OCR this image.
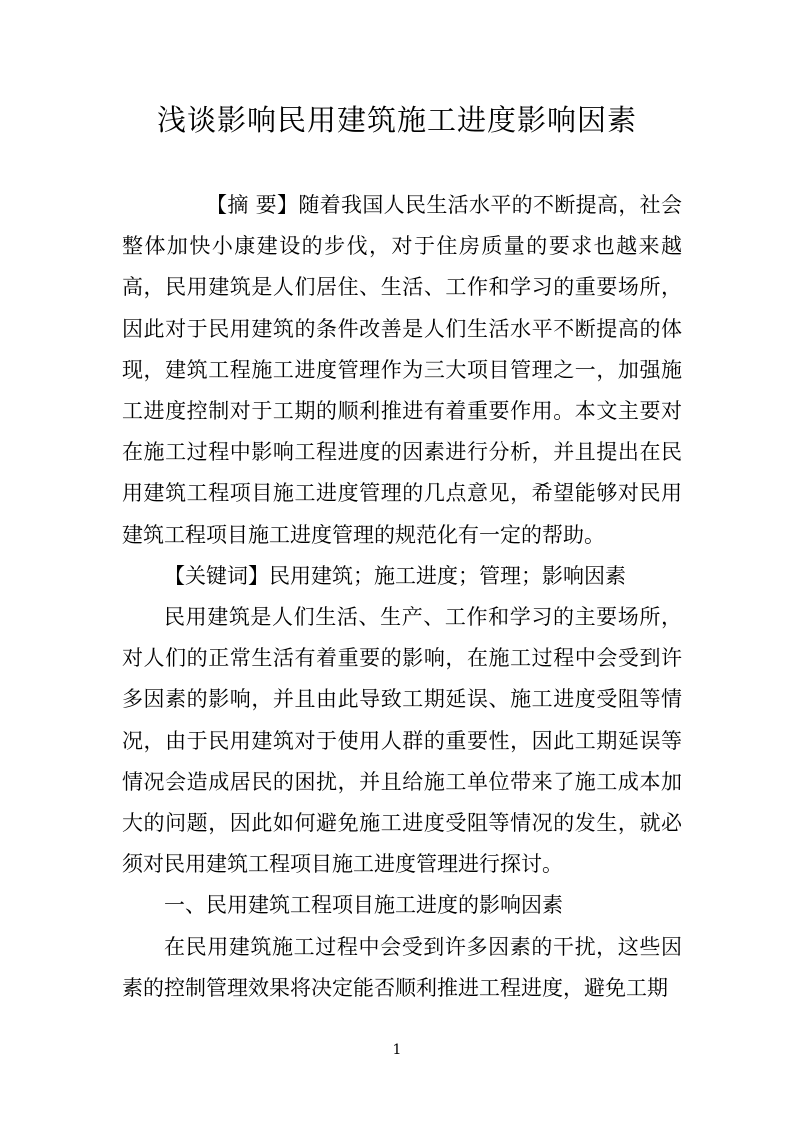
浅谈影响民用建筑施工进度影响因素

【摘 要】随着我国人民生活水平的不断提高，社会整体加快小康建设的步伐，对于住房质量的要求也越来越高，民用建筑是人们居住、生活、工作和学习的重要场所，因此对于民用建筑的条件改善是人们生活水平不断提高的体现，建筑工程施工进度管理作为三大项目管理之一，加强施工进度控制对于工期的顺利推进有着重要作用。本文主要对在施工过程中影响工程进度的因素进行分析，并且提出在民用建筑工程项目施工进度管理的几点意见，希望能够对民用建筑工程项目施工进度管理的规范化有一定的帮助。

【关键词】民用建筑；施工进度；管理；影响因素

民用建筑是人们生活、生产、工作和学习的主要场所，对人们的正常生活有着重要的影响，在施工过程中会受到许多因素的影响，并且由此导致工期延误、施工进度受阻等情况，由于民用建筑对于使用人群的重要性，因此工期延误等情况会造成居民的困扰，并且给施工单位带来了施工成本加大的问题，因此如何避免施工进度受阻等情况的发生，就必须对民用建筑工程项目施工进度管理进行探讨。

一、民用建筑工程项目施工进度的影响因素

在民用建筑施工过程中会受到许多因素的干扰，这些因素的控制管理效果将决定能否顺利推进工程进度，避免工期

1
